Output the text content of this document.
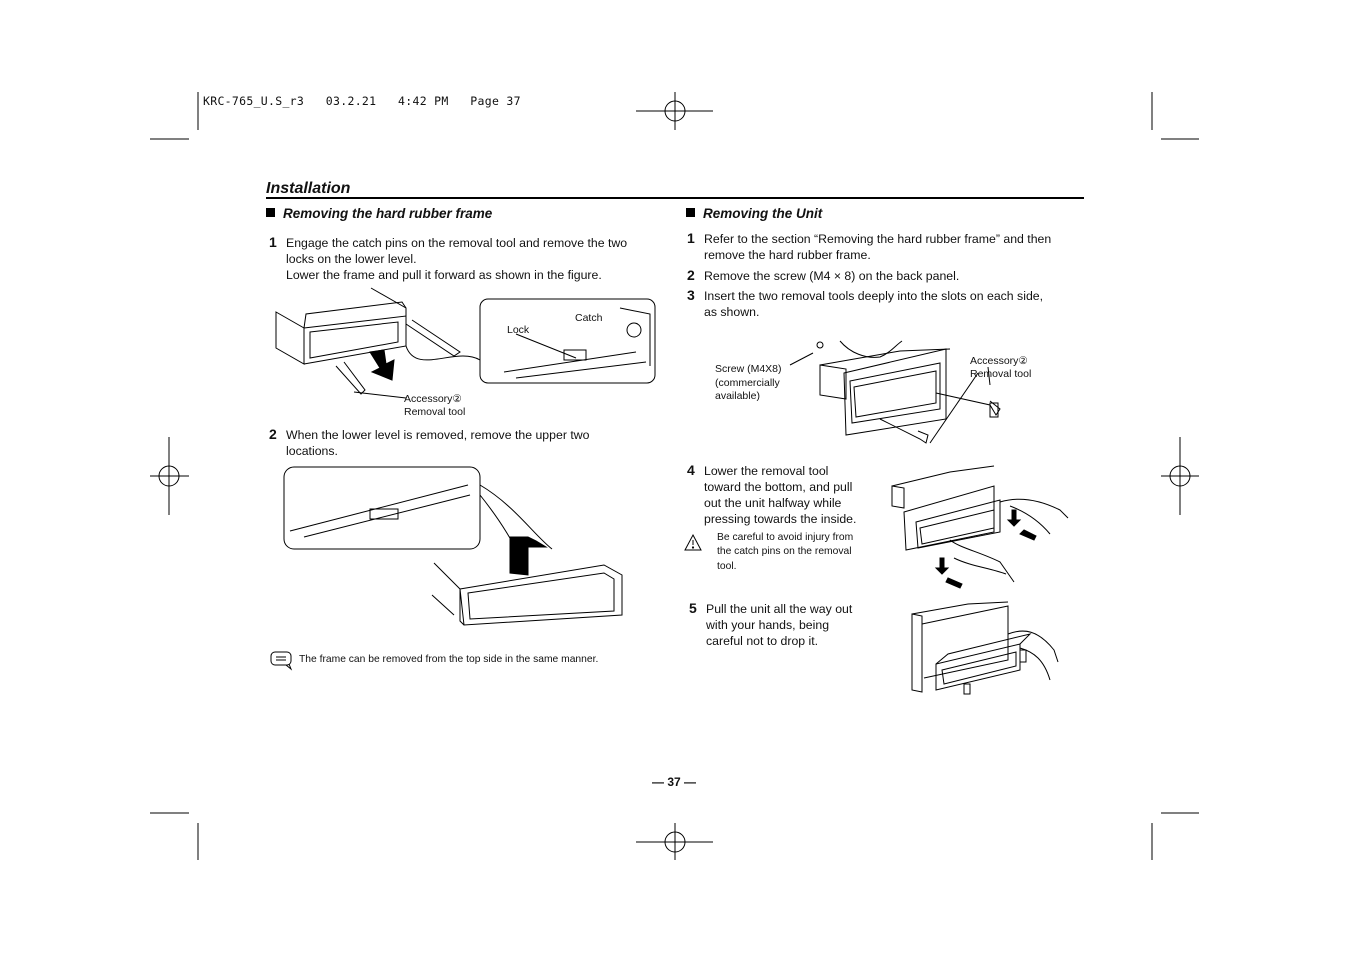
KRC-765_U.S_r3   03.2.21   4:42 PM   Page 37
Installation
Removing the hard rubber frame
1 Engage the catch pins on the removal tool and remove the two
locks on the lower level.
Lower the frame and pull it forward as shown in the figure.
Catch
Lock
Accessory②
Removal tool
2 When the lower level is removed, remove the upper two
locations.
The frame can be removed from the top side in the same manner.
Removing the Unit
1 Refer to the section “Removing the hard rubber frame” and then
remove the hard rubber frame.
2 Remove the screw (M4 × 8) on the back panel.
3 Insert the two removal tools deeply into the slots on each side,
as shown.
Screw (M4X8)
(commercially
available)
Accessory②
Removal tool
4 Lower the removal tool
toward the bottom, and pull
out the unit halfway while
pressing towards the inside.
Be careful to avoid injury from
the catch pins on the removal
tool.
5 Pull the unit all the way out
with your hands, being
careful not to drop it.
— 37 —
